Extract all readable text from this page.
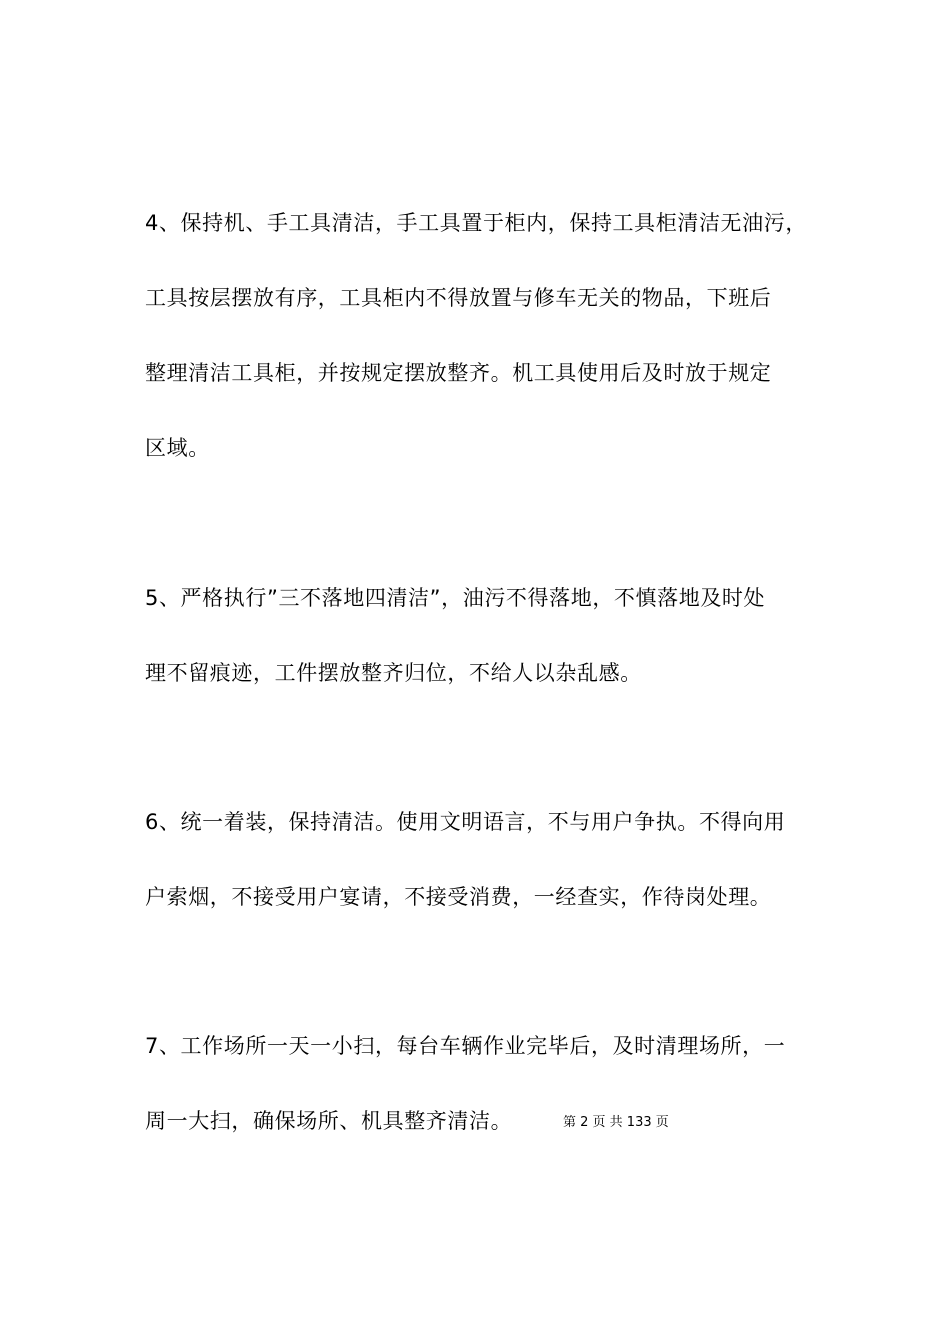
4、保持机、手工具清洁，手工具置于柜内，保持工具柜清洁无油污，
工具按层摆放有序，工具柜内不得放置与修车无关的物品，下班后
整理清洁工具柜，并按规定摆放整齐。机工具使用后及时放于规定
区域。
5、严格执行”三不落地四清洁”，油污不得落地，不慎落地及时处
理不留痕迹，工件摆放整齐归位，不给人以杂乱感。
6、统一着装，保持清洁。使用文明语言，不与用户争执。不得向用
户索烟，不接受用户宴请，不接受消费，一经查实，作待岗处理。
7、工作场所一天一小扫，每台车辆作业完毕后，及时清理场所，一
周一大扫，确保场所、机具整齐清洁。	第 2 页 共 133 页
